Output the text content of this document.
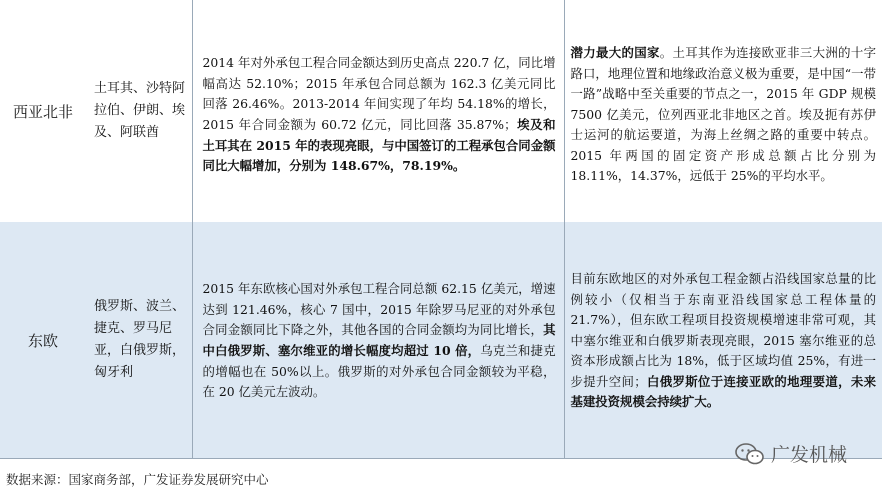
西亚北非	土耳其、沙特阿拉伯、伊朗、埃及、阿联酋	2014 年对外承包工程合同金额达到历史高点 220.7 亿，同比增幅高达 52.10%；2015 年承包合同总额为 162.3 亿美元同比回落 26.46%。2013-2014 年间实现了年均 54.18%的增长，2015 年合同金额为 60.72 亿元，同比回落 35.87%；埃及和土耳其在 2015 年的表现亮眼，与中国签订的工程承包合同金额同比大幅增加，分别为 148.67%，78.19%。	潜力最大的国家。土耳其作为连接欧亚非三大洲的十字路口，地理位置和地缘政治意义极为重要，是中国“一带一路”战略中至关重要的节点之一，2015 年 GDP 规模 7500 亿美元，位列西亚北非地区之首。埃及扼有苏伊士运河的航运要道，为海上丝绸之路的重要中转点。2015 年两国的固定资产形成总额占比分别为 18.11%，14.37%，远低于 25%的平均水平。
东欧	俄罗斯、波兰、捷克、罗马尼亚，白俄罗斯，匈牙利	2015 年东欧核心国对外承包工程合同总额 62.15 亿美元，增速达到 121.46%，核心 7 国中，2015 年除罗马尼亚的对外承包合同金额同比下降之外，其他各国的合同金额均为同比增长，其中白俄罗斯、塞尔维亚的增长幅度均超过 10 倍，乌克兰和捷克的增幅也在 50%以上。俄罗斯的对外承包合同金额较为平稳，在 20 亿美元左波动。	目前东欧地区的对外承包工程金额占沿线国家总量的比例较小（仅相当于东南亚沿线国家总工程体量的 21.7%），但东欧工程项目投资规模增速非常可观，其中塞尔维亚和白俄罗斯表现亮眼，2015 塞尔维亚的总资本形成额占比为 18%，低于区域均值 25%，有进一步提升空间；白俄罗斯位于连接亚欧的地理要道，未来基建投资规模会持续扩大。
数据来源：国家商务部，广发证券发展研究中心
广发机械
